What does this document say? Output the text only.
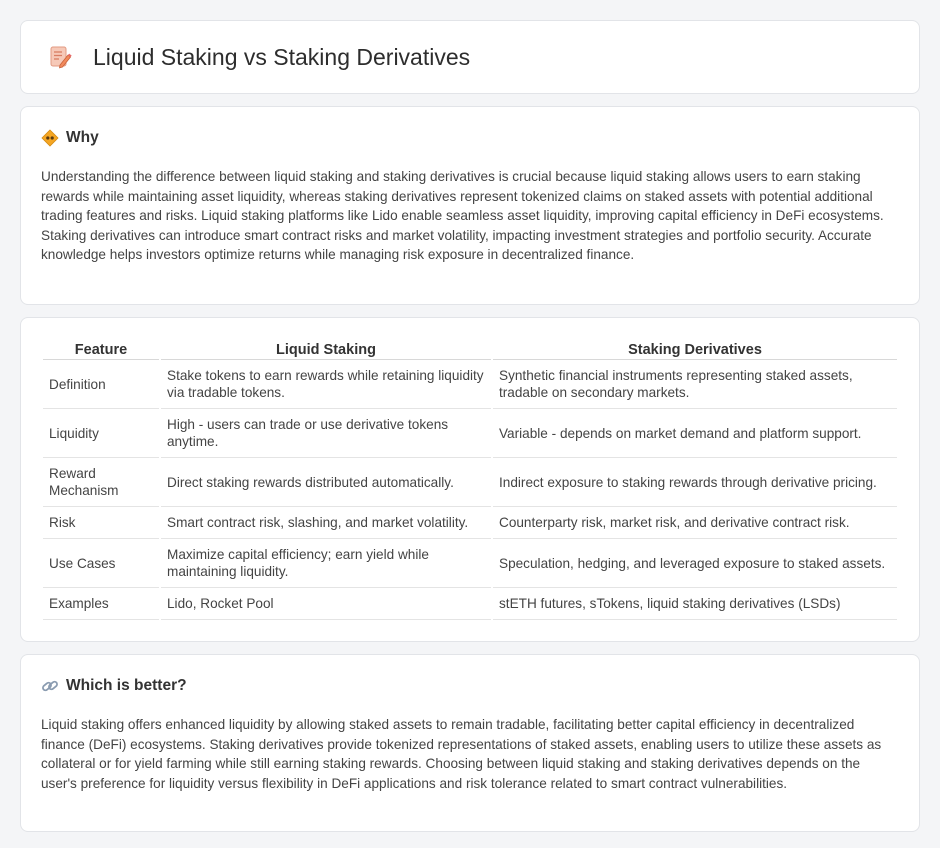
Liquid Staking vs Staking Derivatives
Why

Understanding the difference between liquid staking and staking derivatives is crucial because liquid staking allows users to earn staking rewards while maintaining asset liquidity, whereas staking derivatives represent tokenized claims on staked assets with potential additional trading features and risks. Liquid staking platforms like Lido enable seamless asset liquidity, improving capital efficiency in DeFi ecosystems. Staking derivatives can introduce smart contract risks and market volatility, impacting investment strategies and portfolio security. Accurate knowledge helps investors optimize returns while managing risk exposure in decentralized finance.

Feature	Liquid Staking	Staking Derivatives
Definition	Stake tokens to earn rewards while retaining liquidity via tradable tokens.	Synthetic financial instruments representing staked assets, tradable on secondary markets.
Liquidity	High - users can trade or use derivative tokens anytime.	Variable - depends on market demand and platform support.
Reward Mechanism	Direct staking rewards distributed automatically.	Indirect exposure to staking rewards through derivative pricing.
Risk	Smart contract risk, slashing, and market volatility.	Counterparty risk, market risk, and derivative contract risk.
Use Cases	Maximize capital efficiency; earn yield while maintaining liquidity.	Speculation, hedging, and leveraged exposure to staked assets.
Examples	Lido, Rocket Pool	stETH futures, sTokens, liquid staking derivatives (LSDs)
Which is better?

Liquid staking offers enhanced liquidity by allowing staked assets to remain tradable, facilitating better capital efficiency in decentralized finance (DeFi) ecosystems. Staking derivatives provide tokenized representations of staked assets, enabling users to utilize these assets as collateral or for yield farming while still earning staking rewards. Choosing between liquid staking and staking derivatives depends on the user's preference for liquidity versus flexibility in DeFi applications and risk tolerance related to smart contract vulnerabilities.
